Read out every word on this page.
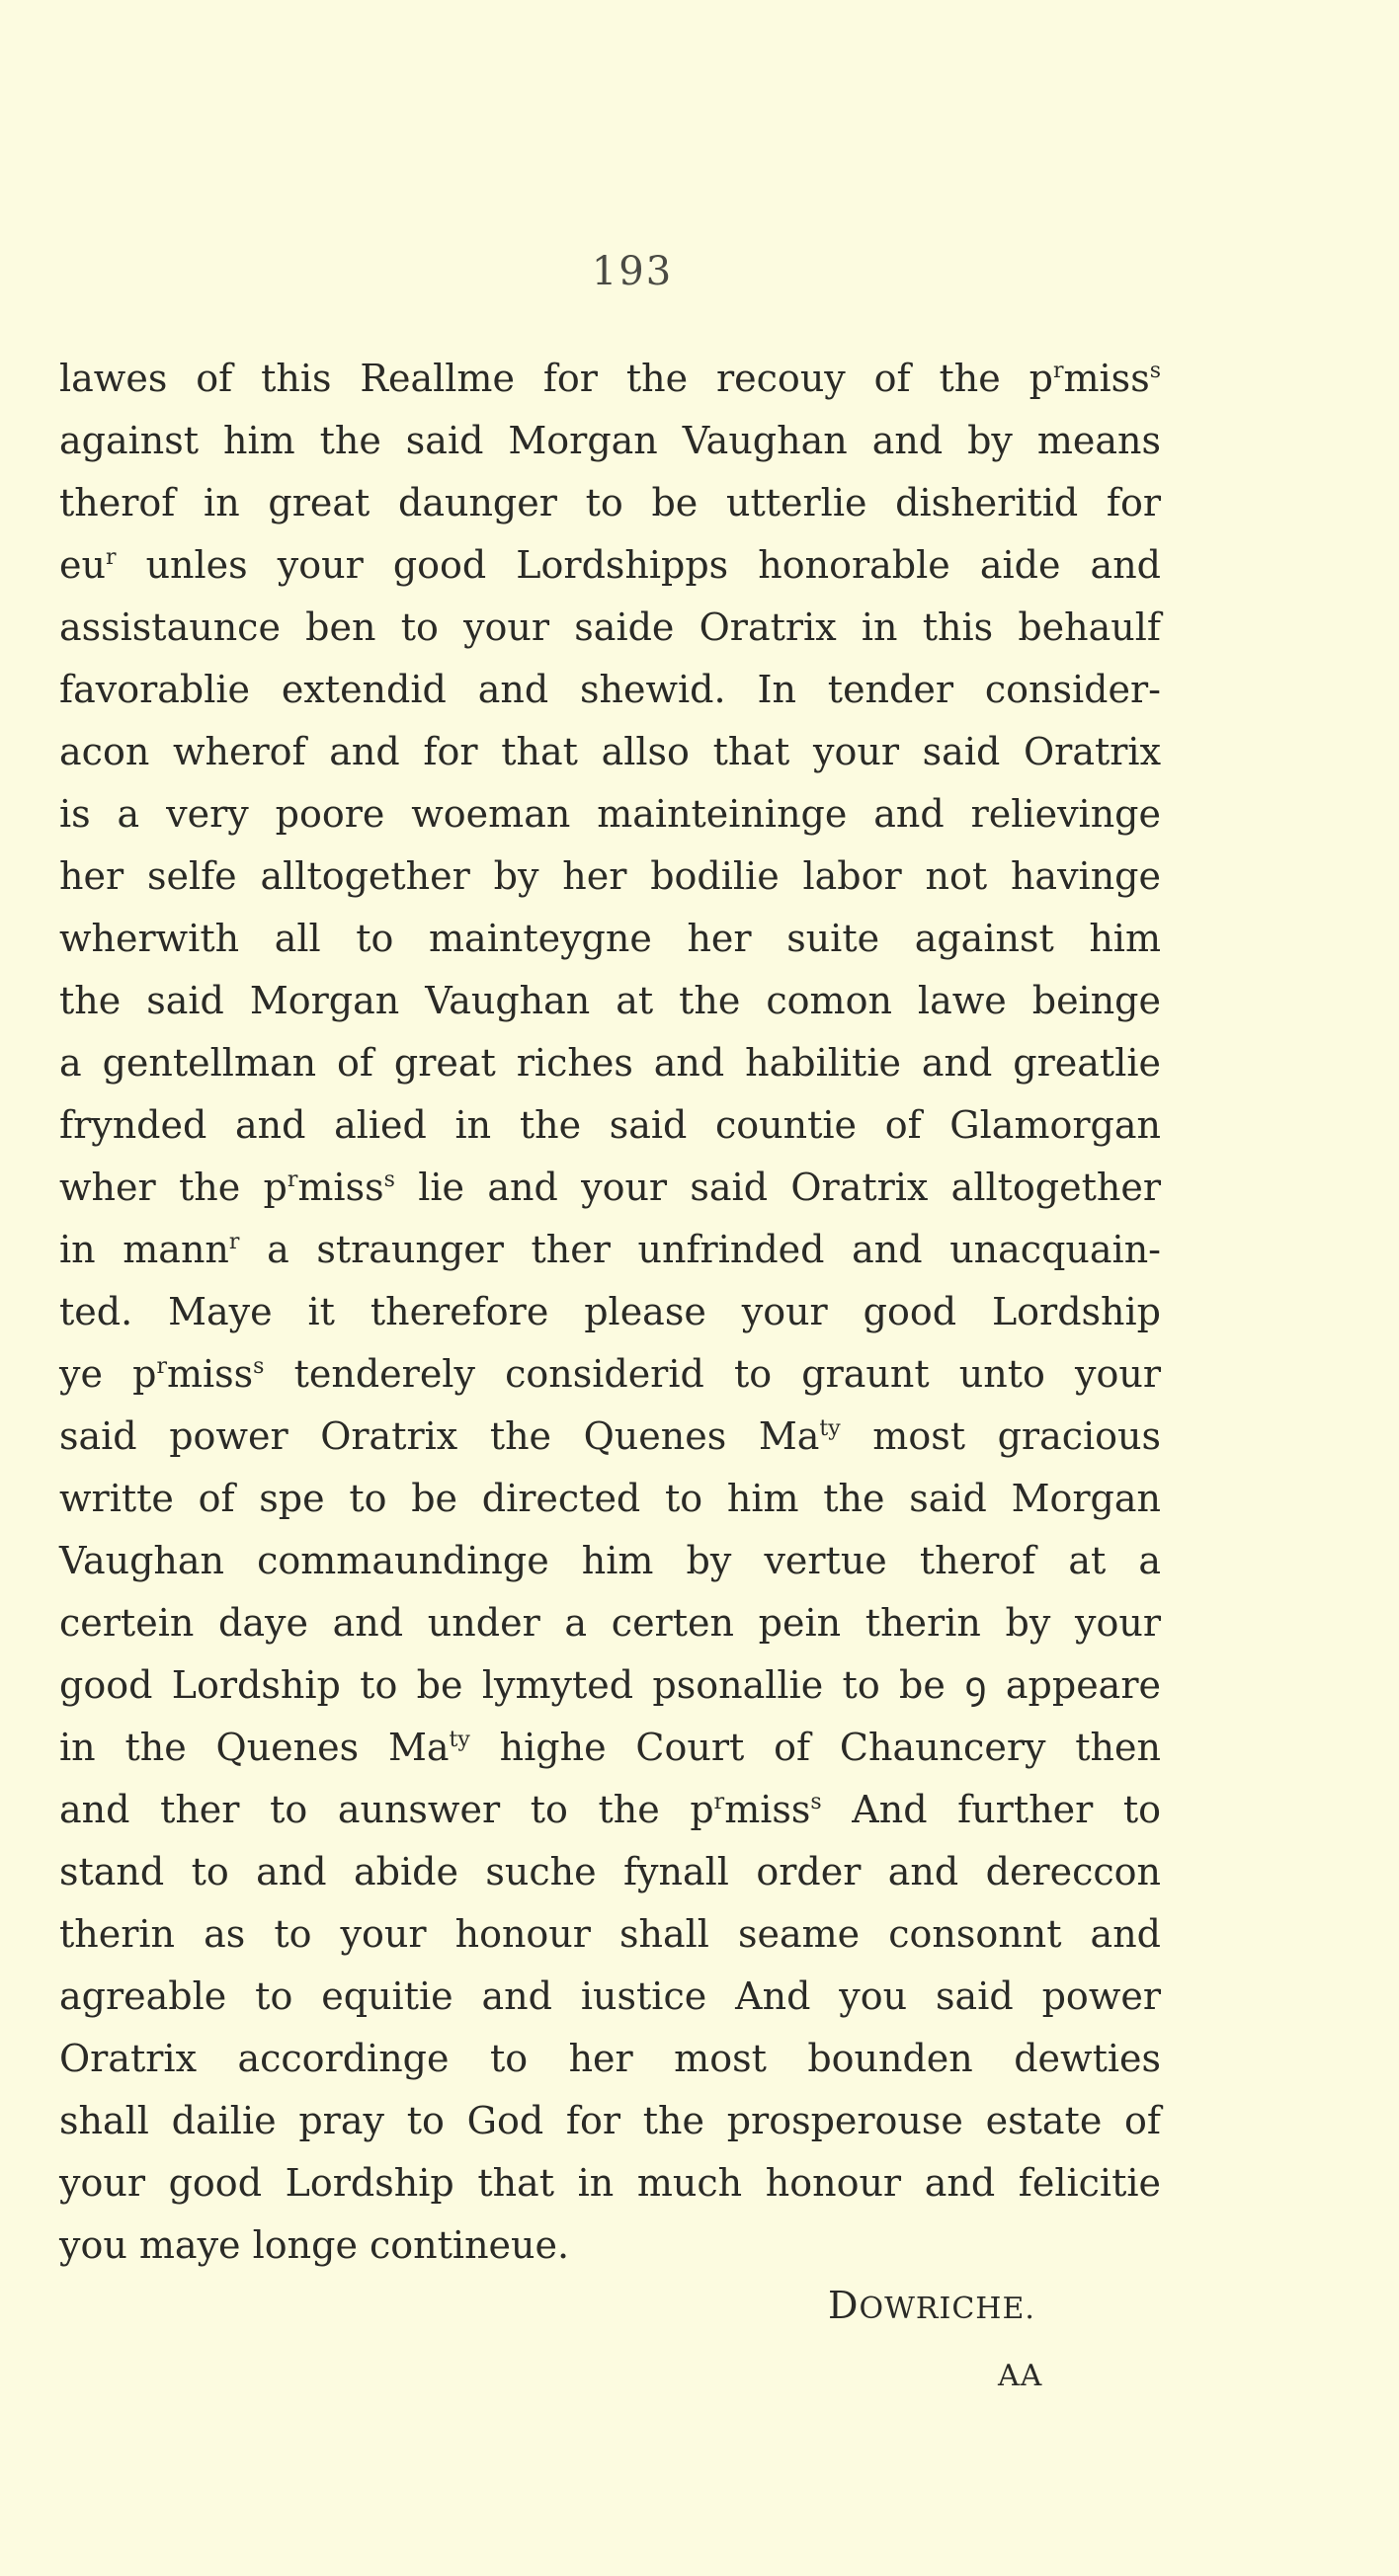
193
lawes of this Reallme for the recouy of the $p^rmiss^s$
against him the said Morgan Vaughan and by means
therof in great daunger to be utterlie disheritid for
$eu^r$ unles your good Lordshipps honorable aide and
assistaunce ben to your saide Oratrix in this behaulf
favorablie extendid and shewid. In tender consider-
acon wherof and for that allso that your said Oratrix
is a very poore woeman mainteininge and relievinge
her selfe alltogether by her bodilie labor not havinge
wherwith all to mainteygne her suite against him
the said Morgan Vaughan at the comon lawe beinge
a gentellman of great riches and habilitie and greatlie
frynded and alied in the said countie of Glamorgan
wher the $p^rmiss^s$ lie and your said Oratrix alltogether
in mann$^r$ a straunger ther unfrinded and unacquain-
ted. Maye it therefore please your good Lordship
ye $p^rmiss^s$ tenderely considerid to graunt unto your
said power Oratrix the Quenes $Ma^{ty}$ most gracious
writte of spe to be directed to him the said Morgan
Vaughan commaundinge him by vertue therof at a
certein daye and under a certen pein therin by your
good Lordship to be lymyted psonallie to be ꝯ appeare
in the Quenes $Ma^{ty}$ highe Court of Chauncery then
and ther to aunswer to the $p^rmiss^s$ And further to
stand to and abide suche fynall order and dereccon
therin as to your honour shall seame consonnt and
agreable to equitie and iustice And you said power
Oratrix accordinge to her most bounden dewties
shall dailie pray to God for the prosperouse estate of
your good Lordship that in much honour and felicitie
you maye longe contineue.
DOWRICHE.
AA
